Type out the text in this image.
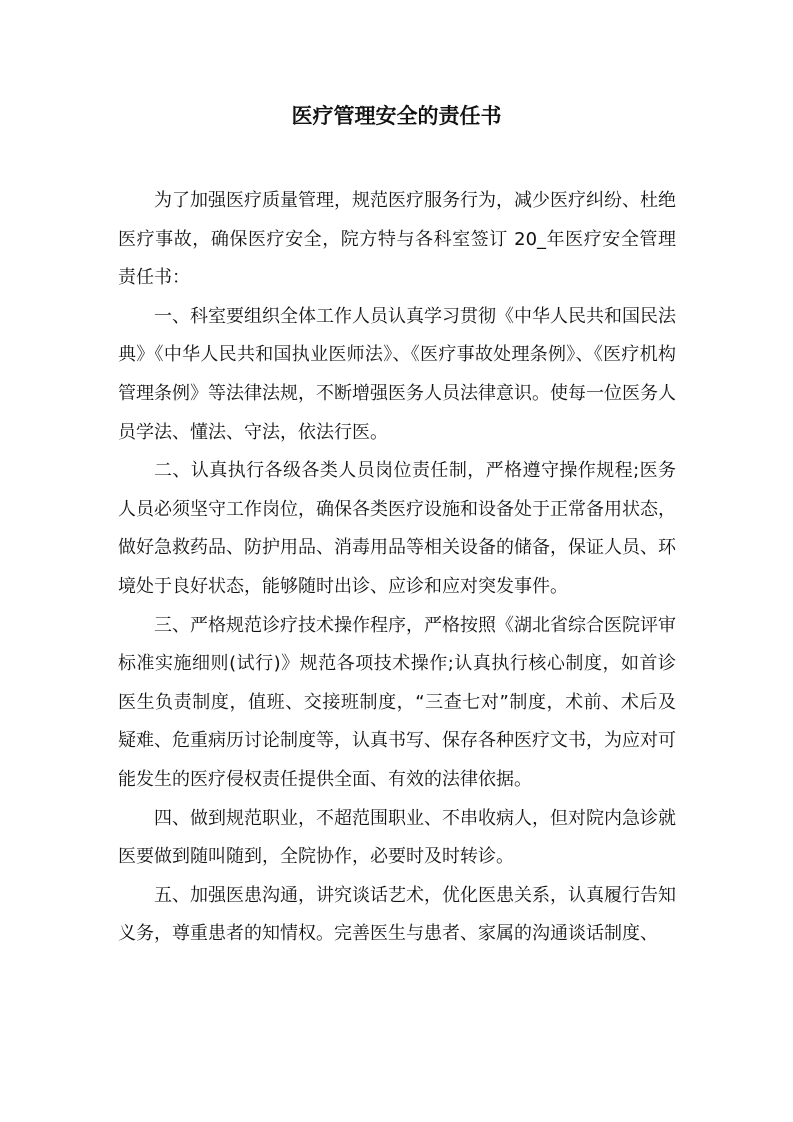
医疗管理安全的责任书

为了加强医疗质量管理，规范医疗服务行为，减少医疗纠纷、杜绝医疗事故，确保医疗安全，院方特与各科室签订 20_年医疗安全管理责任书：

一、科室要组织全体工作人员认真学习贯彻《中华人民共和国民法典》《中华人民共和国执业医师法》、《医疗事故处理条例》、《医疗机构管理条例》等法律法规，不断增强医务人员法律意识。使每一位医务人员学法、懂法、守法，依法行医。

二、认真执行各级各类人员岗位责任制，严格遵守操作规程;医务人员必须坚守工作岗位，确保各类医疗设施和设备处于正常备用状态，做好急救药品、防护用品、消毒用品等相关设备的储备，保证人员、环境处于良好状态，能够随时出诊、应诊和应对突发事件。

三、严格规范诊疗技术操作程序，严格按照《湖北省综合医院评审标准实施细则(试行)》规范各项技术操作;认真执行核心制度，如首诊医生负责制度，值班、交接班制度，“三查七对”制度，术前、术后及疑难、危重病历讨论制度等，认真书写、保存各种医疗文书，为应对可能发生的医疗侵权责任提供全面、有效的法律依据。

四、做到规范职业，不超范围职业、不串收病人，但对院内急诊就医要做到随叫随到，全院协作，必要时及时转诊。

五、加强医患沟通，讲究谈话艺术，优化医患关系，认真履行告知义务，尊重患者的知情权。完善医生与患者、家属的沟通谈话制度、
